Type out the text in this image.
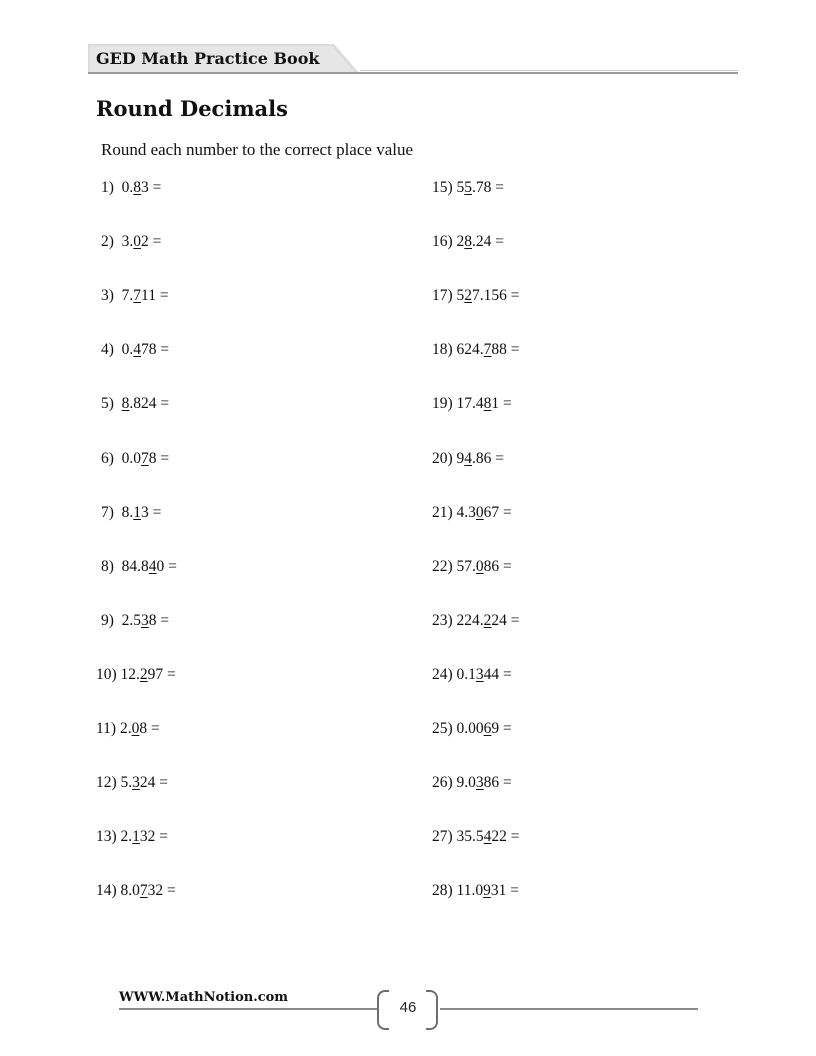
GED Math Practice Book
Round Decimals
Round each number to the correct place value
1)  0.83 =
2)  3.02 =
3)  7.711 =
4)  0.478 =
5)  8.824 =
6)  0.078 =
7)  8.13 =
8)  84.840 =
9)  2.538 =
10) 12.297 =
11) 2.08 =
12) 5.324 =
13) 2.132 =
14) 8.0732 =
15) 55.78 =
16) 28.24 =
17) 527.156 =
18) 624.788 =
19) 17.481 =
20) 94.86 =
21) 4.3067 =
22) 57.086 =
23) 224.224 =
24) 0.1344 =
25) 0.0069 =
26) 9.0386 =
27) 35.5422 =
28) 11.0931 =
WWW.MathNotion.com
46
